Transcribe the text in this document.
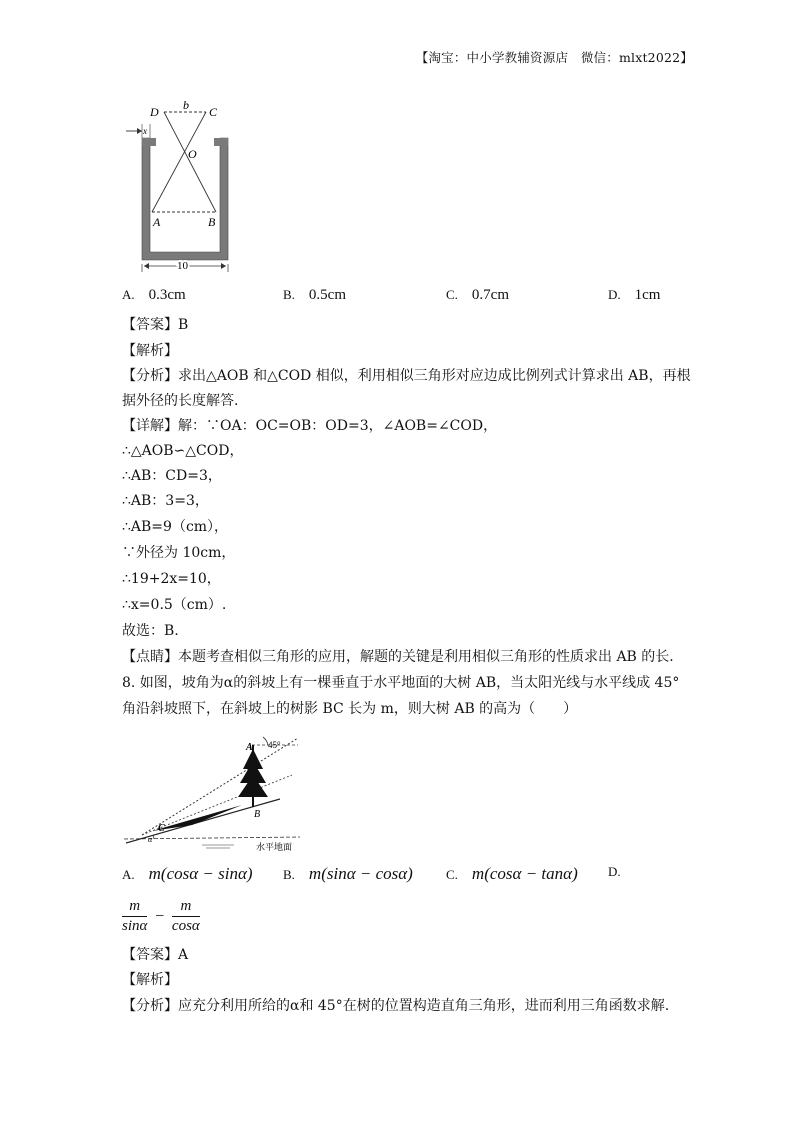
【淘宝：中小学教辅资源店　微信：mlxt2022】
D b C
x
O
A	B
10
A. 0.3cm	B. 0.5cm	C. 0.7cm	D. 1cm
【答案】B
【解析】
【分析】求出△AOB 和△COD 相似，利用相似三角形对应边成比例列式计算求出 AB，再根
据外径的长度解答.
【详解】解：∵OA：OC=OB：OD=3，∠AOB=∠COD，
∴△AOB∽△COD，
∴AB：CD=3，
∴AB：3=3，
∴AB=9（cm），
∵外径为 10cm，
∴19+2x=10，
∴x=0.5（cm）.
故选：B.
【点睛】本题考查相似三角形的应用，解题的关键是利用相似三角形的性质求出 AB 的长.
8. 如图，坡角为α的斜坡上有一棵垂直于水平地面的大树 AB，当太阳光线与水平线成 45°
角沿斜坡照下，在斜坡上的树影 BC 长为 m，则大树 AB 的高为（　　）
A 45°
B
C
α
水平地面
A. m(cosα − sinα) B. m(sinα − cosα)	C. m(cosα − tanα) D.
$\frac{m}{\sin\alpha} - \frac{m}{\cos\alpha}$
【答案】A
【解析】
【分析】应充分利用所给的α和 45°在树的位置构造直角三角形，进而利用三角函数求解.
